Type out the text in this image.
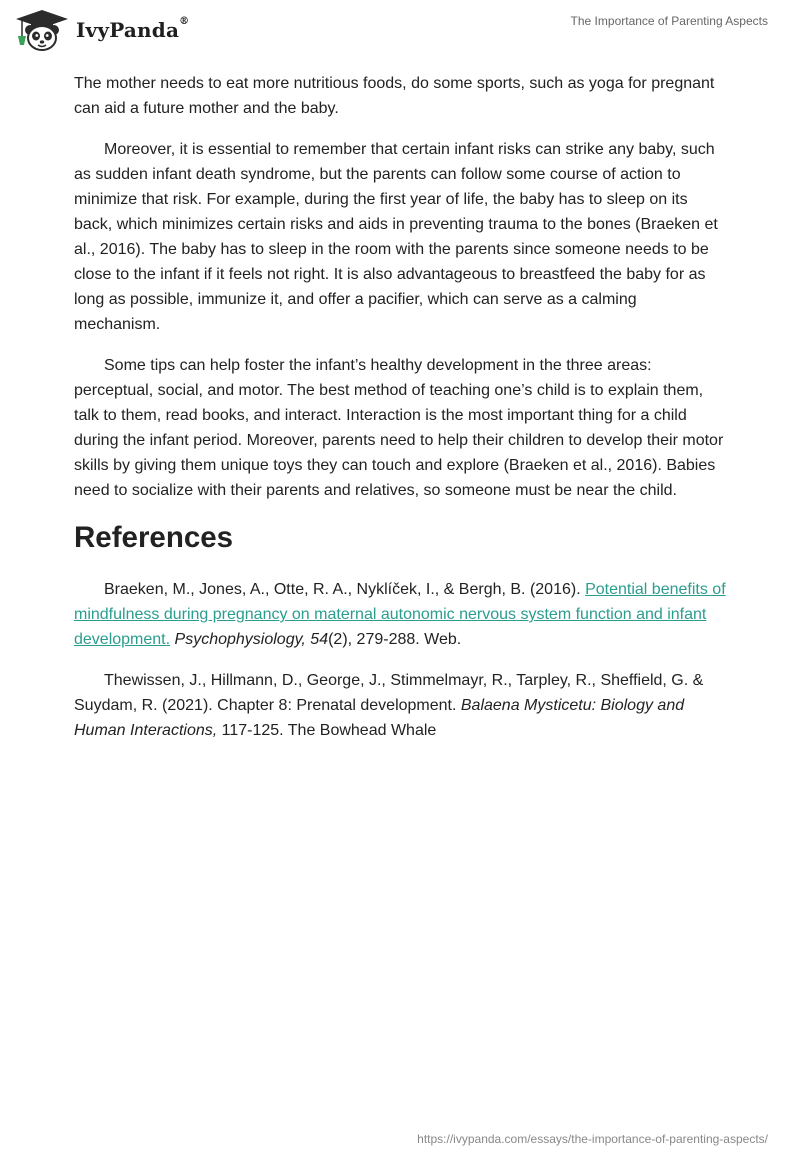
IvyPanda®	The Importance of Parenting Aspects

The mother needs to eat more nutritious foods, do some sports, such as yoga for pregnant can aid a future mother and the baby.

Moreover, it is essential to remember that certain infant risks can strike any baby, such as sudden infant death syndrome, but the parents can follow some course of action to minimize that risk. For example, during the first year of life, the baby has to sleep on its back, which minimizes certain risks and aids in preventing trauma to the bones (Braeken et al., 2016). The baby has to sleep in the room with the parents since someone needs to be close to the infant if it feels not right. It is also advantageous to breastfeed the baby for as long as possible, immunize it, and offer a pacifier, which can serve as a calming mechanism.

Some tips can help foster the infant’s healthy development in the three areas: perceptual, social, and motor. The best method of teaching one’s child is to explain them, talk to them, read books, and interact. Interaction is the most important thing for a child during the infant period. Moreover, parents need to help their children to develop their motor skills by giving them unique toys they can touch and explore (Braeken et al., 2016). Babies need to socialize with their parents and relatives, so someone must be near the child.

References

Braeken, M., Jones, A., Otte, R. A., Nyklíček, I., & Bergh, B. (2016). Potential benefits of mindfulness during pregnancy on maternal autonomic nervous system function and infant development. Psychophysiology, 54(2), 279-288. Web.

Thewissen, J., Hillmann, D., George, J., Stimmelmayr, R., Tarpley, R., Sheffield, G. & Suydam, R. (2021). Chapter 8: Prenatal development. Balaena Mysticetu: Biology and Human Interactions, 117-125. The Bowhead Whale

https://ivypanda.com/essays/the-importance-of-parenting-aspects/
